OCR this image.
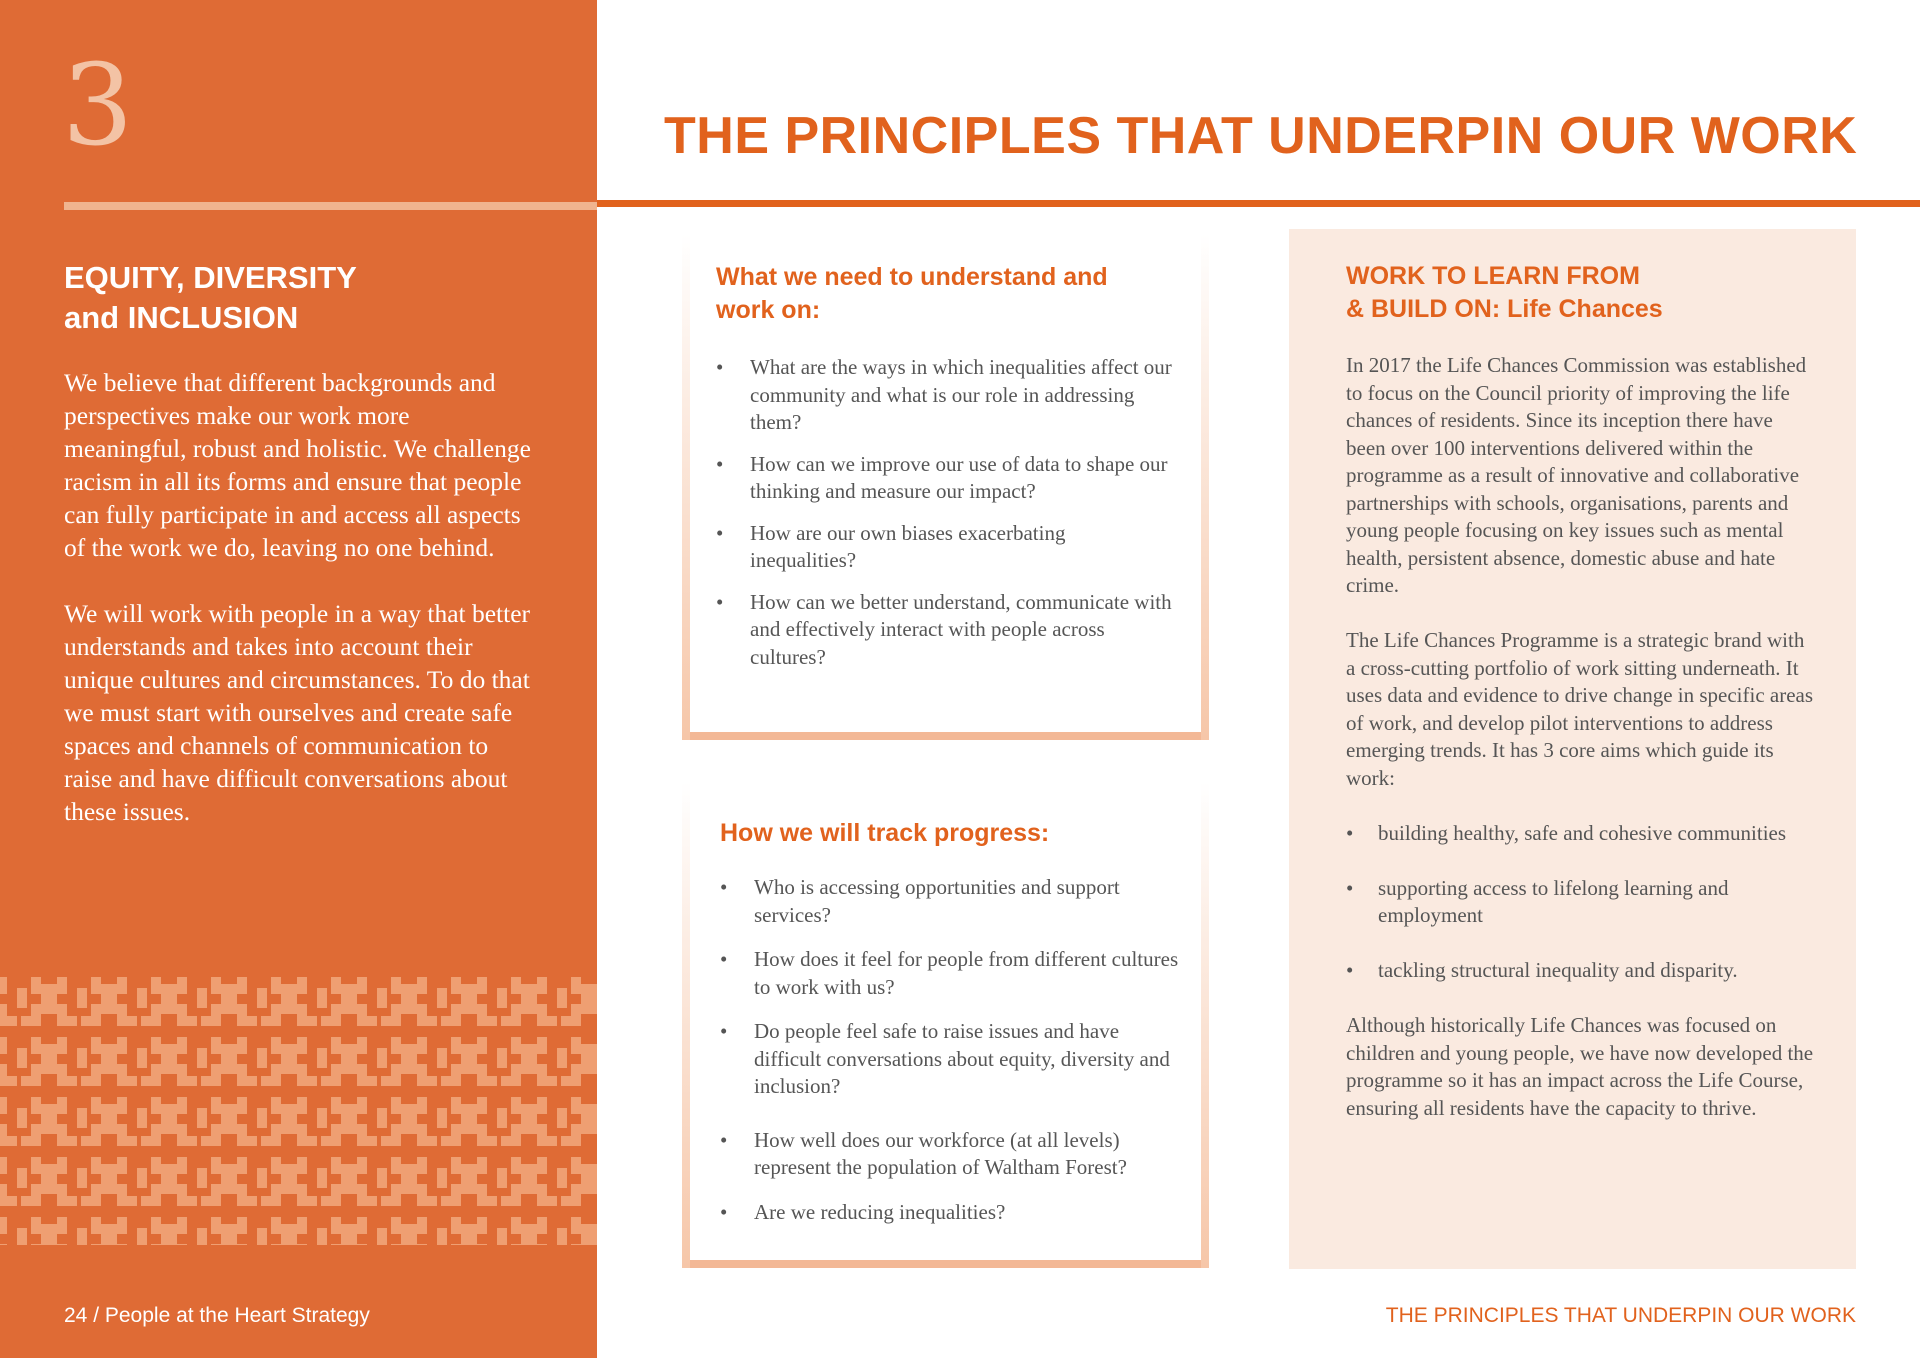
3
EQUITY, DIVERSITY
and INCLUSION

We believe that different backgrounds and perspectives make our work more meaningful, robust and holistic. We challenge racism in all its forms and ensure that people can fully participate in and access all aspects of the work we do, leaving no one behind.

We will work with people in a way that better understands and takes into account their unique cultures and circumstances. To do that we must start with ourselves and create safe spaces and channels of communication to raise and have difficult conversations about these issues.

24 / People at the Heart Strategy
THE PRINCIPLES THAT UNDERPIN OUR WORK
What we need to understand and work on:
• What are the ways in which inequalities affect our community and what is our role in addressing them?
• How can we improve our use of data to shape our thinking and measure our impact?
• How are our own biases exacerbating inequalities?
• How can we better understand, communicate with and effectively interact with people across cultures?
How we will track progress:
• Who is accessing opportunities and support services?
• How does it feel for people from different cultures to work with us?
• Do people feel safe to raise issues and have difficult conversations about equity, diversity and inclusion?
• How well does our workforce (at all levels) represent the population of Waltham Forest?
• Are we reducing inequalities?
WORK TO LEARN FROM
& BUILD ON: Life Chances

In 2017 the Life Chances Commission was established to focus on the Council priority of improving the life chances of residents. Since its inception there have been over 100 interventions delivered within the programme as a result of innovative and collaborative partnerships with schools, organisations, parents and young people focusing on key issues such as mental health, persistent absence, domestic abuse and hate crime.

The Life Chances Programme is a strategic brand with a cross-cutting portfolio of work sitting underneath. It uses data and evidence to drive change in specific areas of work, and develop pilot interventions to address emerging trends. It has 3 core aims which guide its work:

• building healthy, safe and cohesive communities
• supporting access to lifelong learning and employment
• tackling structural inequality and disparity.

Although historically Life Chances was focused on children and young people, we have now developed the programme so it has an impact across the Life Course, ensuring all residents have the capacity to thrive.

THE PRINCIPLES THAT UNDERPIN OUR WORK
